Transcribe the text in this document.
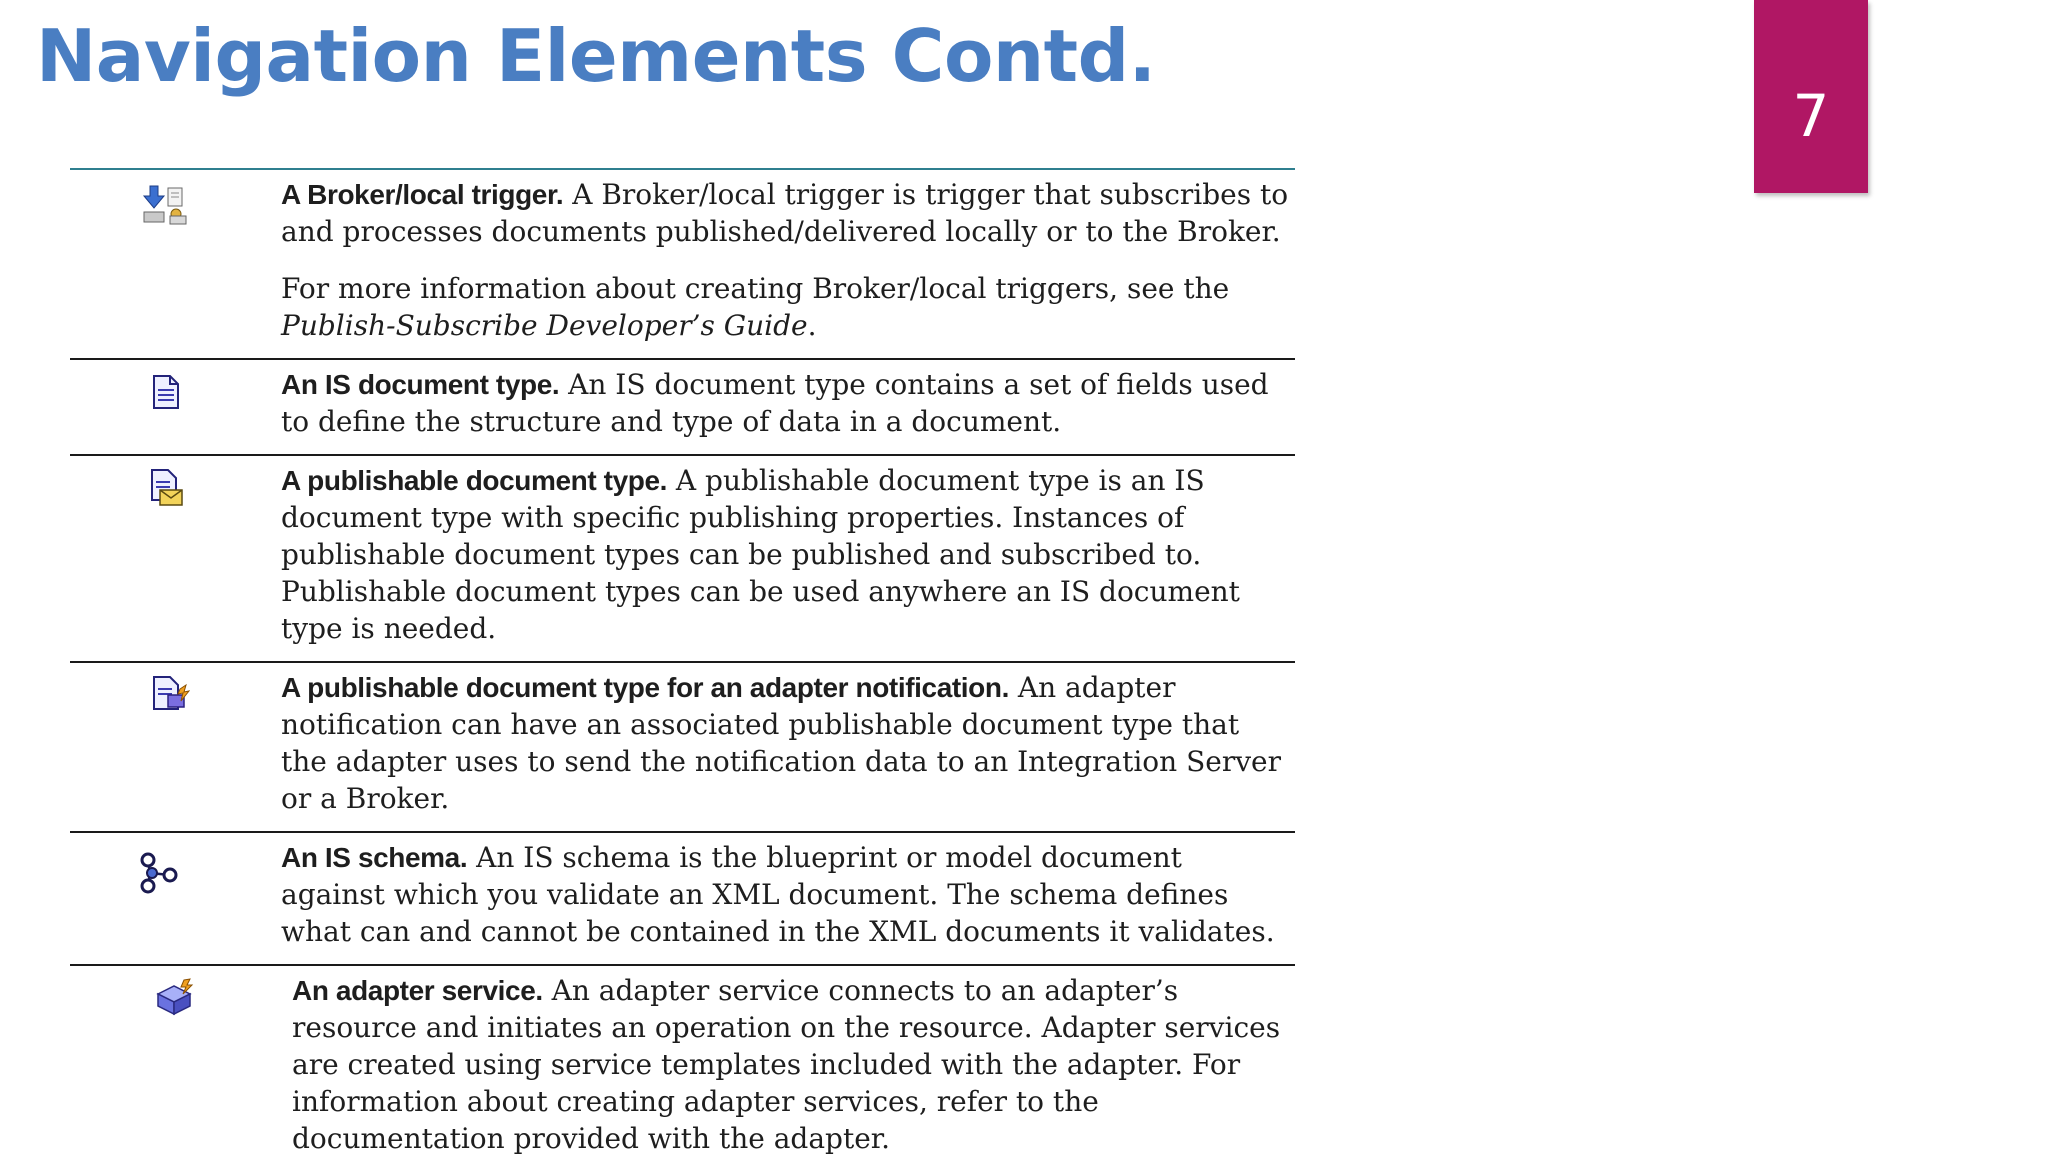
Navigation Elements Contd.
7

A Broker/local trigger. A Broker/local trigger is trigger that subscribes to and processes documents published/delivered locally or to the Broker.

For more information about creating Broker/local triggers, see the Publish-Subscribe Developer’s Guide.

An IS document type. An IS document type contains a set of fields used to define the structure and type of data in a document.

A publishable document type. A publishable document type is an IS document type with specific publishing properties. Instances of publishable document types can be published and subscribed to. Publishable document types can be used anywhere an IS document type is needed.

A publishable document type for an adapter notification. An adapter notification can have an associated publishable document type that the adapter uses to send the notification data to an Integration Server or a Broker.

An IS schema. An IS schema is the blueprint or model document against which you validate an XML document. The schema defines what can and cannot be contained in the XML documents it validates.

An adapter service. An adapter service connects to an adapter’s resource and initiates an operation on the resource. Adapter services are created using service templates included with the adapter. For information about creating adapter services, refer to the documentation provided with the adapter.
